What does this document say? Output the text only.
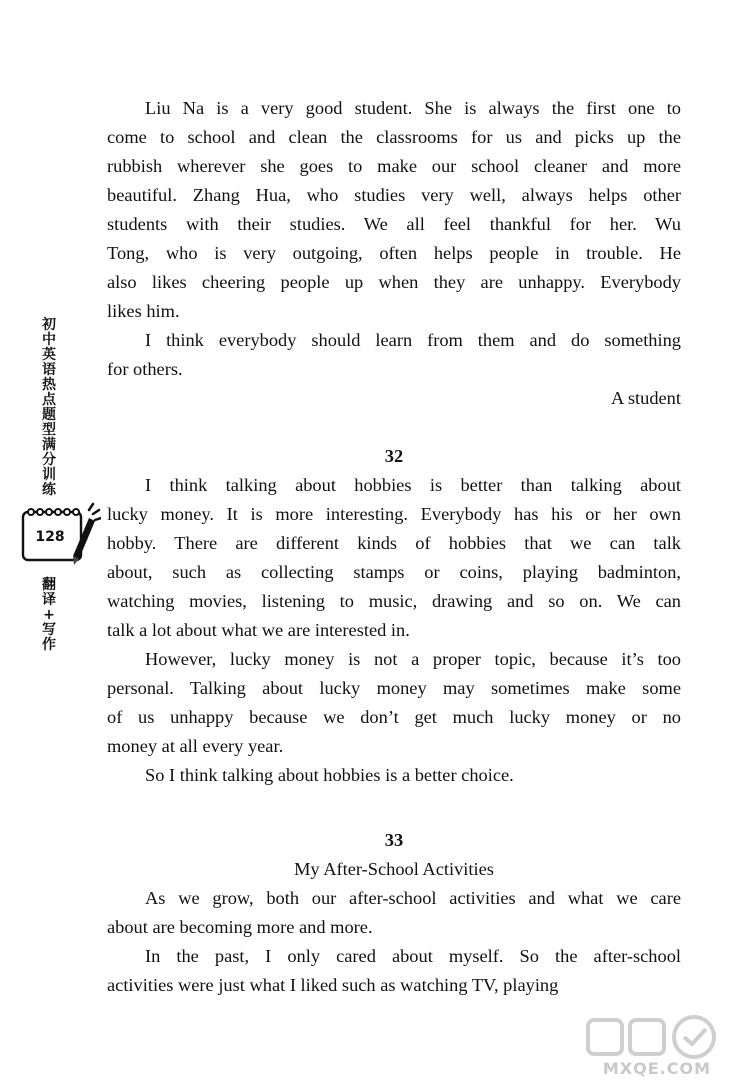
Liu Na is a very good student. She is always the first one to

come to school and clean the classrooms for us and picks up the

rubbish wherever she goes to make our school cleaner and more

beautiful. Zhang Hua, who studies very well, always helps other

students with their studies. We all feel thankful for her. Wu

Tong, who is very outgoing, often helps people in trouble. He

also likes cheering people up when they are unhappy. Everybody

likes him.

I think everybody should learn from them and do something

for others.

A student

32

I think talking about hobbies is better than talking about

lucky money. It is more interesting. Everybody has his or her own

hobby. There are different kinds of hobbies that we can talk

about, such as collecting stamps or coins, playing badminton,

watching movies, listening to music, drawing and so on. We can

talk a lot about what we are interested in.

However, lucky money is not a proper topic, because it’s too

personal. Talking about lucky money may sometimes make some

of us unhappy because we don’t get much lucky money or no

money at all every year.

So I think talking about hobbies is a better choice.

33

My After-School Activities

As we grow, both our after-school activities and what we care

about are becoming more and more.

In the past, I only cared about myself. So the after-school

activities were just what I liked such as watching TV, playing

初
中
英
语
热
点
题
型
满
分
训
练
128
翻
译
+
写
作
MXQE.COM
